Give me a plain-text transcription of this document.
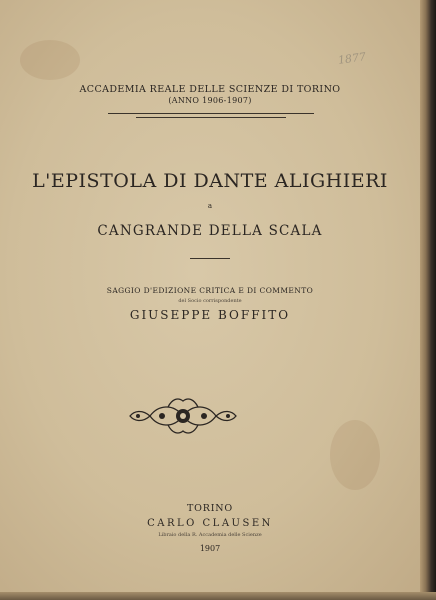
1877
ACCADEMIA REALE DELLE SCIENZE DI TORINO
(ANNO 1906-1907)
L'EPISTOLA DI DANTE ALIGHIERI
a
CANGRANDE DELLA SCALA
SAGGIO D'EDIZIONE CRITICA E DI COMMENTO
del Socio corrispondente
GIUSEPPE BOFFITO
TORINO
CARLO CLAUSEN
Libraio della R. Accademia delle Scienze
1907
